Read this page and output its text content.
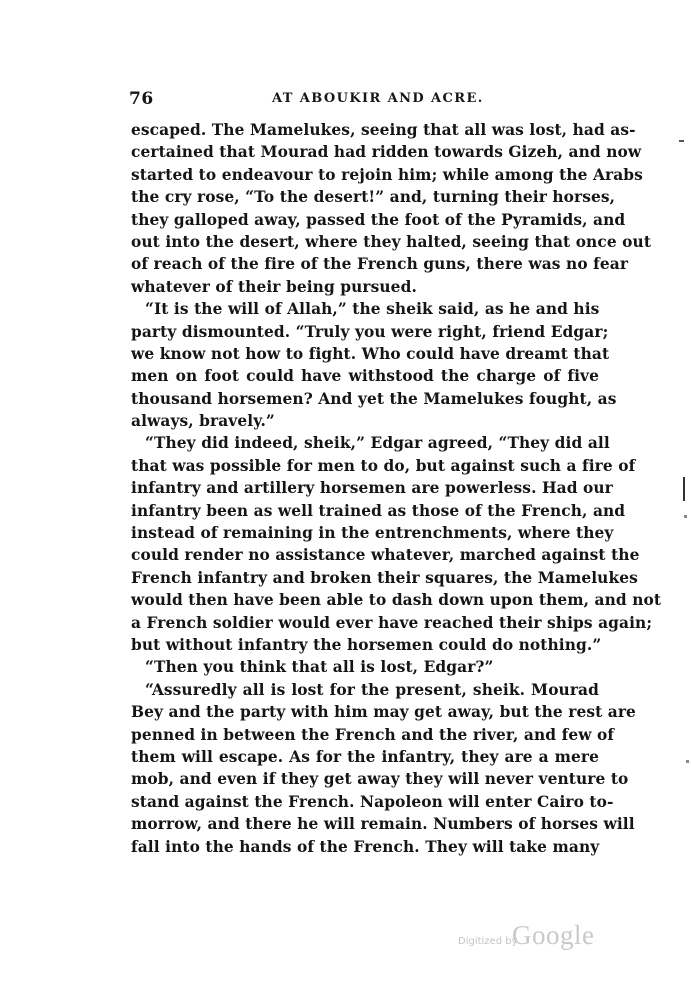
76	AT ABOUKIR AND ACRE.
escaped. The Mamelukes, seeing that all was lost, had as-
certained that Mourad had ridden towards Gizeh, and now
started to endeavour to rejoin him; while among the Arabs
the cry rose, “To the desert!” and, turning their horses,
they galloped away, passed the foot of the Pyramids, and
out into the desert, where they halted, seeing that once out
of reach of the fire of the French guns, there was no fear
whatever of their being pursued.
“It is the will of Allah,” the sheik said, as he and his
party dismounted. “Truly you were right, friend Edgar;
we know not how to fight. Who could have dreamt that
men on foot could have withstood the charge of five
thousand horsemen? And yet the Mamelukes fought, as
always, bravely.”
“They did indeed, sheik,” Edgar agreed, “They did all
that was possible for men to do, but against such a fire of
infantry and artillery horsemen are powerless. Had our
infantry been as well trained as those of the French, and
instead of remaining in the entrenchments, where they
could render no assistance whatever, marched against the
French infantry and broken their squares, the Mamelukes
would then have been able to dash down upon them, and not
a French soldier would ever have reached their ships again;
but without infantry the horsemen could do nothing.”
“Then you think that all is lost, Edgar?”
“Assuredly all is lost for the present, sheik. Mourad
Bey and the party with him may get away, but the rest are
penned in between the French and the river, and few of
them will escape. As for the infantry, they are a mere
mob, and even if they get away they will never venture to
stand against the French. Napoleon will enter Cairo to-
morrow, and there he will remain. Numbers of horses will
fall into the hands of the French. They will take many
Digitized by
Google
